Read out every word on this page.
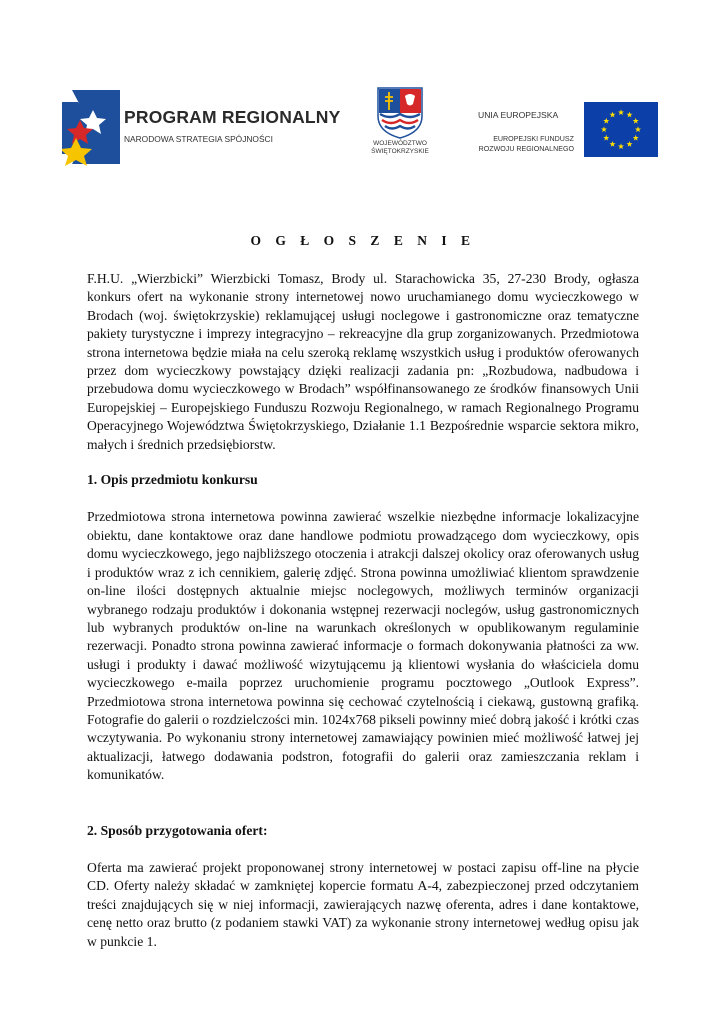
PROGRAM REGIONALNY
NARODOWA STRATEGIA SPÓJNOŚCI	WOJEWÓDZTWO
ŚWIĘTOKRZYSKIE
UNIA EUROPEJSKA
EUROPEJSKI FUNDUSZ
ROZWOJU REGIONALNEGO
O G Ł O S Z E N I E

F.H.U. „Wierzbicki” Wierzbicki Tomasz, Brody ul. Starachowicka 35, 27-230 Brody, ogłasza konkurs ofert na wykonanie strony internetowej nowo uruchamianego domu wycieczkowego w Brodach (woj. świętokrzyskie) reklamującej usługi noclegowe i gastronomiczne oraz tematyczne pakiety turystyczne i imprezy integracyjno – rekreacyjne dla grup zorganizowanych. Przedmiotowa strona internetowa będzie miała na celu szeroką reklamę wszystkich usług i produktów oferowanych przez dom wycieczkowy powstający dzięki realizacji zadania pn: „Rozbudowa, nadbudowa i przebudowa domu wycieczkowego w Brodach” współfinansowanego ze środków finansowych Unii Europejskiej – Europejskiego Funduszu Rozwoju Regionalnego, w ramach Regionalnego Programu Operacyjnego Województwa Świętokrzyskiego, Działanie 1.1 Bezpośrednie wsparcie sektora mikro, małych i średnich przedsiębiorstw.

1. Opis przedmiotu konkursu

Przedmiotowa strona internetowa powinna zawierać wszelkie niezbędne informacje lokalizacyjne obiektu, dane kontaktowe oraz dane handlowe podmiotu prowadzącego dom wycieczkowy, opis domu wycieczkowego, jego najbliższego otoczenia i atrakcji dalszej okolicy oraz oferowanych usług i produktów wraz z ich cennikiem, galerię zdjęć. Strona powinna umożliwiać klientom sprawdzenie on-line ilości dostępnych aktualnie miejsc noclegowych, możliwych terminów organizacji wybranego rodzaju produktów i dokonania wstępnej rezerwacji noclegów, usług gastronomicznych lub wybranych produktów on-line na warunkach określonych w opublikowanym regulaminie rezerwacji. Ponadto strona powinna zawierać informacje o formach dokonywania płatności za ww. usługi i produkty i dawać możliwość wizytującemu ją klientowi wysłania do właściciela domu wycieczkowego e-maila poprzez uruchomienie programu pocztowego „Outlook Express”. Przedmiotowa strona internetowa powinna się cechować czytelnością i ciekawą, gustowną grafiką. Fotografie do galerii o rozdzielczości min. 1024x768 pikseli powinny mieć dobrą jakość i krótki czas wczytywania. Po wykonaniu strony internetowej zamawiający powinien mieć możliwość łatwej jej aktualizacji, łatwego dodawania podstron, fotografii do galerii oraz zamieszczania reklam i komunikatów.

2. Sposób przygotowania ofert:

Oferta ma zawierać projekt proponowanej strony internetowej w postaci zapisu off-line na płycie CD. Oferty należy składać w zamkniętej kopercie formatu A-4, zabezpieczonej przed odczytaniem treści znajdujących się w niej informacji, zawierających nazwę oferenta, adres i dane kontaktowe, cenę netto oraz brutto (z podaniem stawki VAT) za wykonanie strony internetowej według opisu jak w punkcie 1.
